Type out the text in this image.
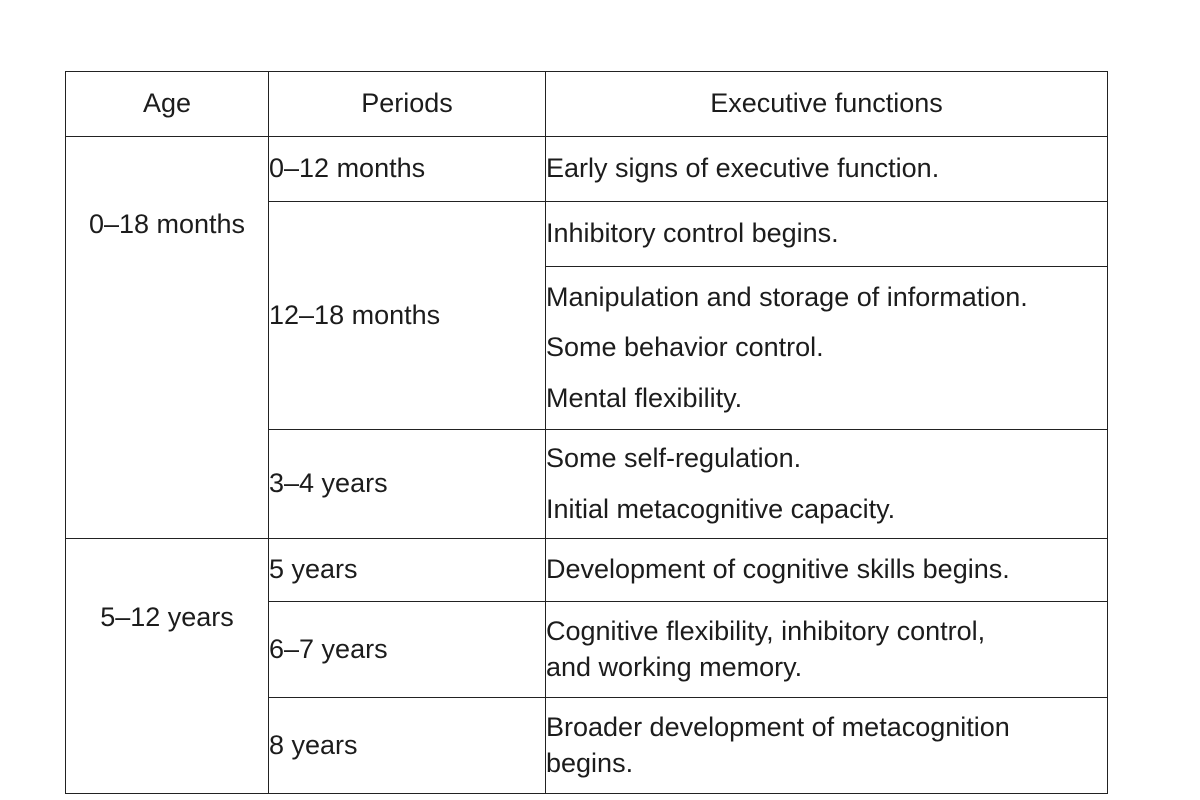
Age	Periods	Executive functions

0–18 months	0–12 months	Early signs of executive function.

	12–18 months	Inhibitory control begins.

		Manipulation and storage of information.
Some behavior control.
Mental flexibility.

	3–4 years	Some self-regulation.
Initial metacognitive capacity.

5–12 years	5 years	Development of cognitive skills begins.

	6–7 years	Cognitive flexibility, inhibitory control,
and working memory.

	8 years	Broader development of metacognition
begins.
